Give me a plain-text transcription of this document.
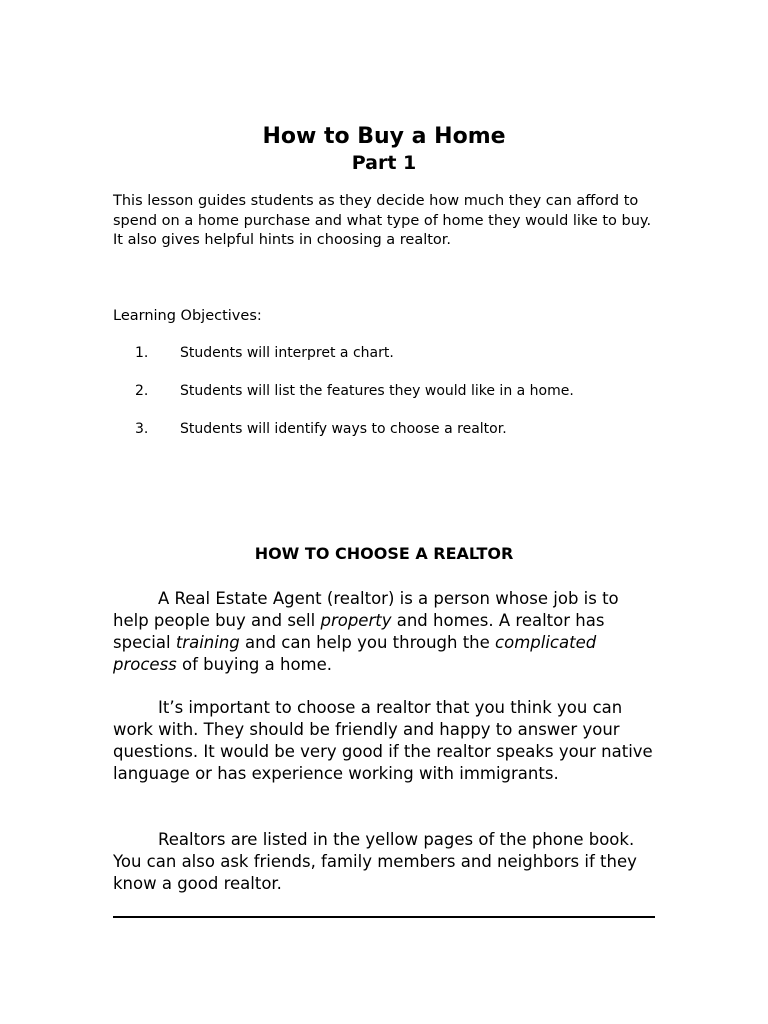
How to Buy a Home
Part 1

This lesson guides students as they decide how much they can afford to spend on a home purchase and what type of home they would like to buy. It also gives helpful hints in choosing a realtor.

Learning Objectives:

1. Students will interpret a chart.
2. Students will list the features they would like in a home.
3. Students will identify ways to choose a realtor.
HOW TO CHOOSE A REALTOR

A Real Estate Agent (realtor) is a person whose job is to help people buy and sell property and homes. A realtor has special training and can help you through the complicated process of buying a home.

It’s important to choose a realtor that you think you can work with. They should be friendly and happy to answer your questions. It would be very good if the realtor speaks your native language or has experience working with immigrants.

Realtors are listed in the yellow pages of the phone book. You can also ask friends, family members and neighbors if they know a good realtor.
